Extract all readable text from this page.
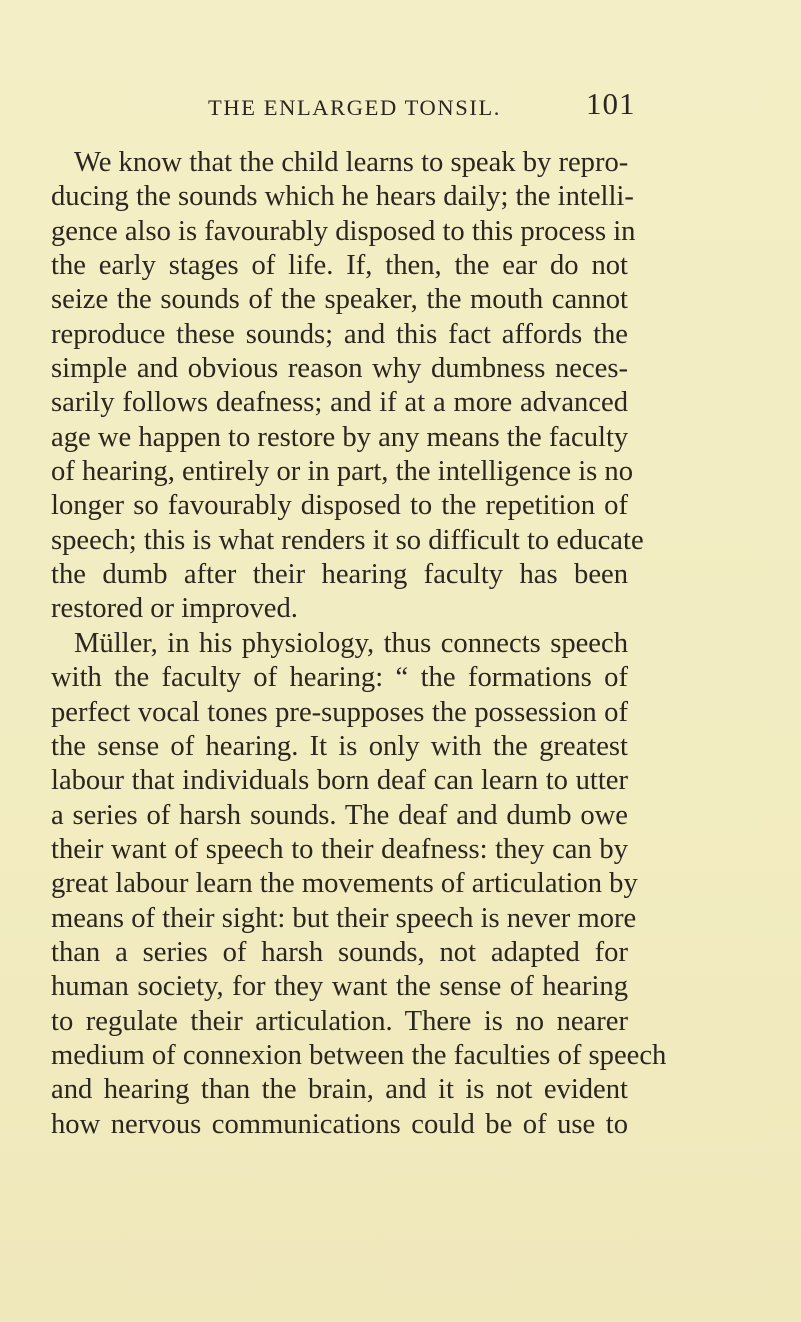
THE ENLARGED TONSIL.	101
We know that the child learns to speak by repro-
ducing the sounds which he hears daily; the intelli-
gence also is favourably disposed to this process in
the early stages of life. If, then, the ear do not
seize the sounds of the speaker, the mouth cannot
reproduce these sounds; and this fact affords the
simple and obvious reason why dumbness neces-
sarily follows deafness; and if at a more advanced
age we happen to restore by any means the faculty
of hearing, entirely or in part, the intelligence is no
longer so favourably disposed to the repetition of
speech; this is what renders it so difficult to educate
the dumb after their hearing faculty has been
restored or improved.
Müller, in his physiology, thus connects speech
with the faculty of hearing: “ the formations of
perfect vocal tones pre-supposes the possession of
the sense of hearing. It is only with the greatest
labour that individuals born deaf can learn to utter
a series of harsh sounds. The deaf and dumb owe
their want of speech to their deafness: they can by
great labour learn the movements of articulation by
means of their sight: but their speech is never more
than a series of harsh sounds, not adapted for
human society, for they want the sense of hearing
to regulate their articulation. There is no nearer
medium of connexion between the faculties of speech
and hearing than the brain, and it is not evident
how nervous communications could be of use to
